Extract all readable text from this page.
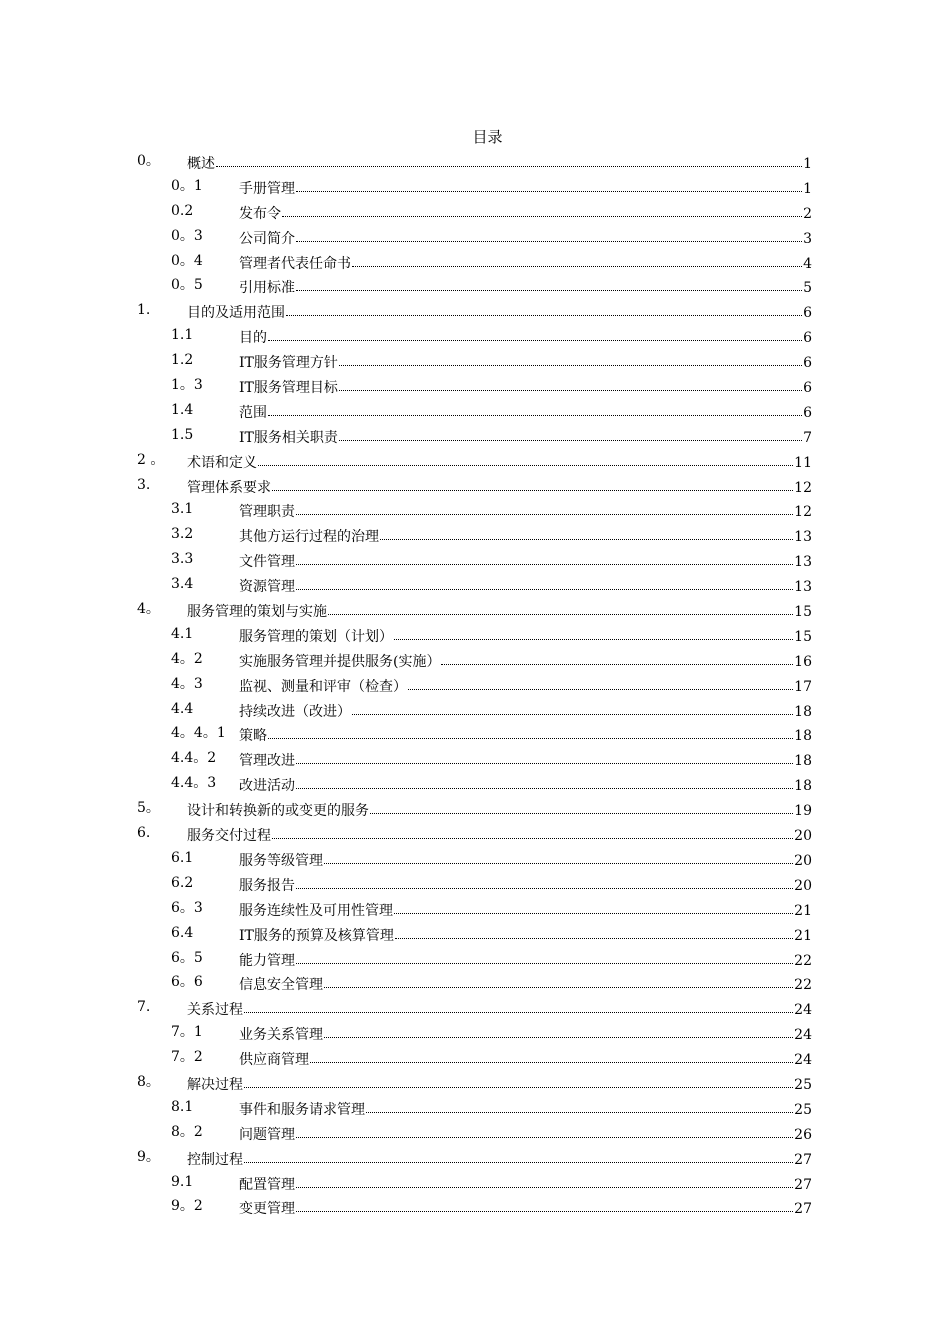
目录
0。 概述	1
0。1	手册管理	1
0.2	发布令	2
0。3	公司简介	3
0。4	管理者代表任命书	4
0。5	引用标准	5
1.	目的及适用范围	6
1.1	目的	6
1.2	IT服务管理方针	6
1。3	IT服务管理目标	6
1.4	范围	6
1.5	IT服务相关职责	7
2 。 术语和定义	11
3.	管理体系要求	12
3.1	管理职责	12
3.2	其他方运行过程的治理	13
3.3	文件管理	13
3.4	资源管理	13
4。 服务管理的策划与实施	15
4.1	服务管理的策划（计划）	15
4。2	实施服务管理并提供服务(实施）	16
4。3	监视、测量和评审（检查）	17
4.4	持续改进（改进）	18
4。4。1 策略	18
4.4。2 管理改进	18
4.4。3 改进活动	18
5。 设计和转换新的或变更的服务	19
6.	服务交付过程	20
6.1	服务等级管理	20
6.2	服务报告	20
6。3	服务连续性及可用性管理	21
6.4	IT服务的预算及核算管理	21
6。5	能力管理	22
6。6	信息安全管理	22
7.	关系过程	24
7。1	业务关系管理	24
7。2	供应商管理	24
8。 解决过程	25
8.1	事件和服务请求管理	25
8。2	问题管理	26
9。 控制过程	27
9.1	配置管理	27
9。2	变更管理	27
